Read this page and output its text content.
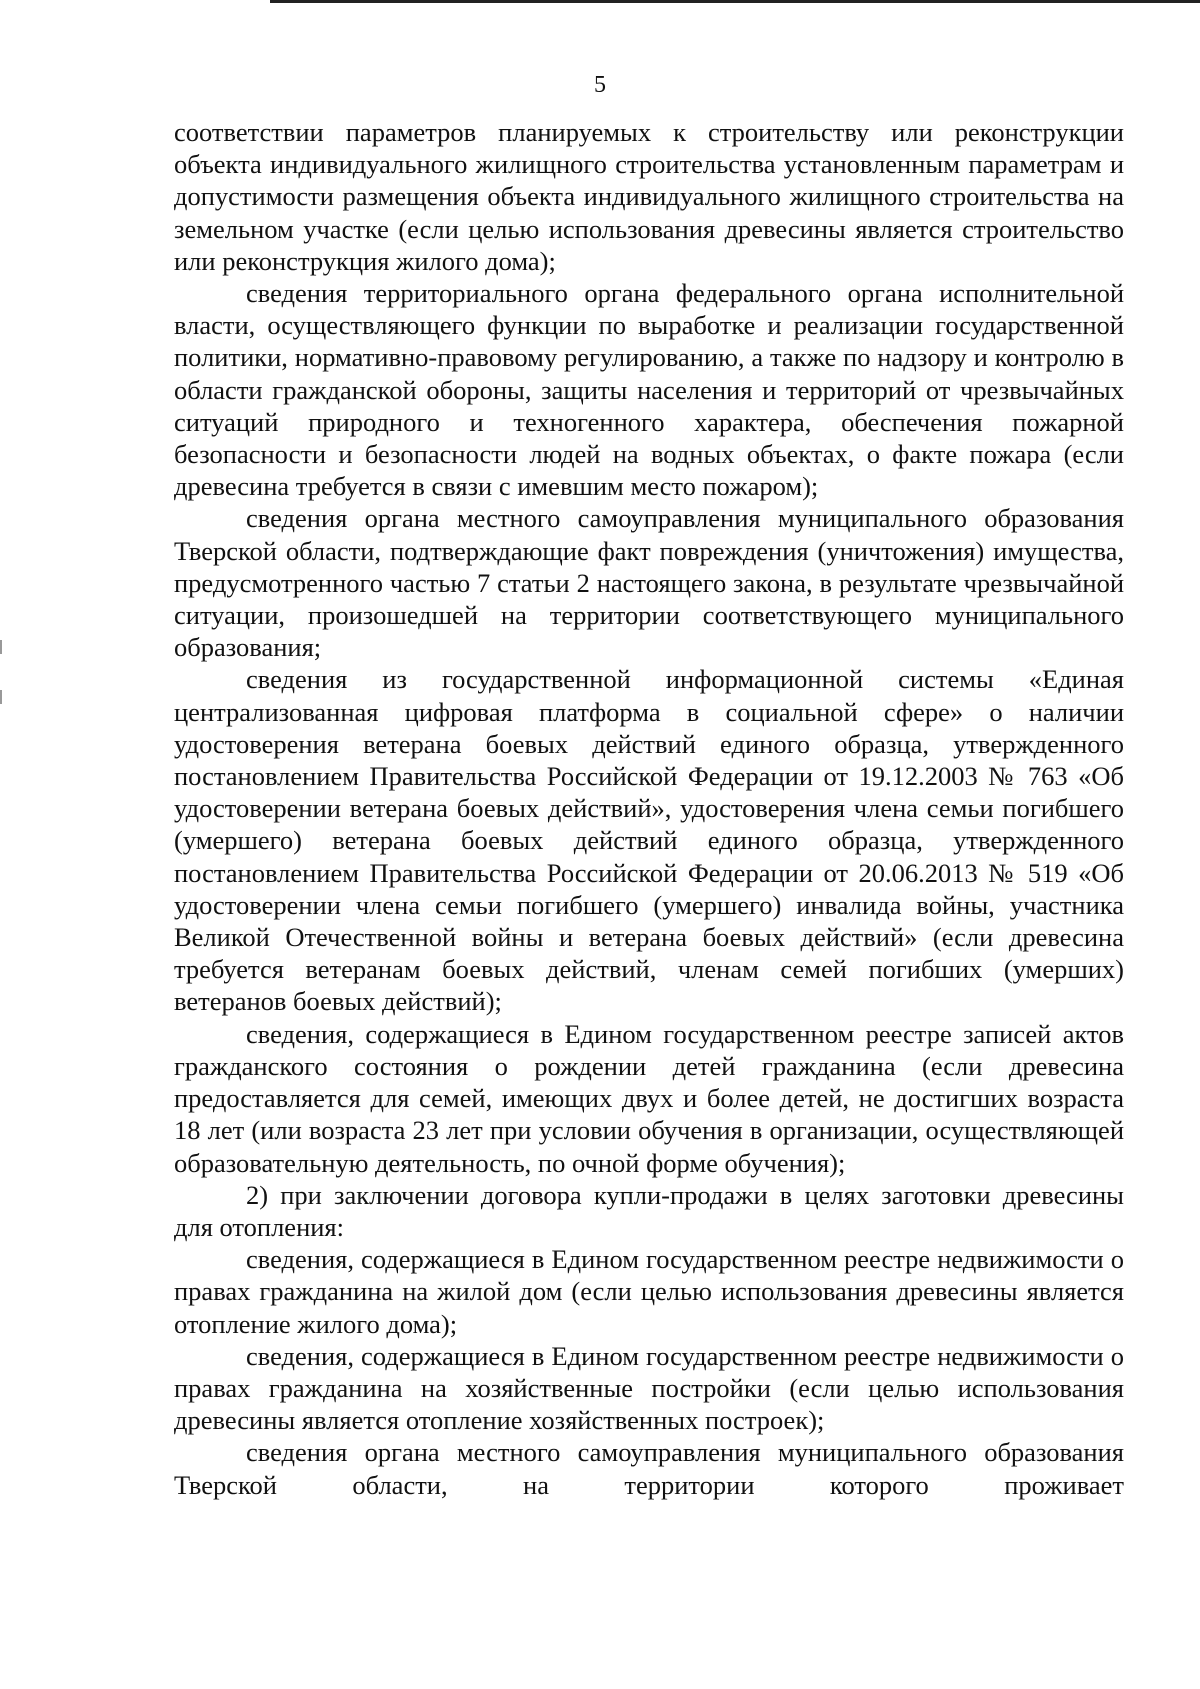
5

соответствии параметров планируемых к строительству или реконструкции объекта индивидуального жилищного строительства установленным параметрам и допустимости размещения объекта индивидуального жилищного строительства на земельном участке (если целью использования древесины является строительство или реконструкция жилого дома);

сведения территориального органа федерального органа исполнительной власти, осуществляющего функции по выработке и реализации государственной политики, нормативно-правовому регулированию, а также по надзору и контролю в области гражданской обороны, защиты населения и территорий от чрезвычайных ситуаций природного и техногенного характера, обеспечения пожарной безопасности и безопасности людей на водных объектах, о факте пожара (если древесина требуется в связи с имевшим место пожаром);

сведения органа местного самоуправления муниципального образования Тверской области, подтверждающие факт повреждения (уничтожения) имущества, предусмотренного частью 7 статьи 2 настоящего закона, в результате чрезвычайной ситуации, произошедшей на территории соответствующего муниципального образования;

сведения из государственной информационной системы «Единая централизованная цифровая платформа в социальной сфере» о наличии удостоверения ветерана боевых действий единого образца, утвержденного постановлением Правительства Российской Федерации от 19.12.2003 № 763 «Об удостоверении ветерана боевых действий», удостоверения члена семьи погибшего (умершего) ветерана боевых действий единого образца, утвержденного постановлением Правительства Российской Федерации от 20.06.2013 № 519 «Об удостоверении члена семьи погибшего (умершего) инвалида войны, участника Великой Отечественной войны и ветерана боевых действий» (если древесина требуется ветеранам боевых действий, членам семей погибших (умерших) ветеранов боевых действий);

сведения, содержащиеся в Едином государственном реестре записей актов гражданского состояния о рождении детей гражданина (если древесина предоставляется для семей, имеющих двух и более детей, не достигших возраста 18 лет (или возраста 23 лет при условии обучения в организации, осуществляющей образовательную деятельность, по очной форме обучения);

2) при заключении договора купли-продажи в целях заготовки древесины для отопления:

сведения, содержащиеся в Едином государственном реестре недвижимости о правах гражданина на жилой дом (если целью использования древесины является отопление жилого дома);

сведения, содержащиеся в Едином государственном реестре недвижимости о правах гражданина на хозяйственные постройки (если целью использования древесины является отопление хозяйственных построек);

сведения органа местного самоуправления муниципального образования Тверской области, на территории которого проживает
